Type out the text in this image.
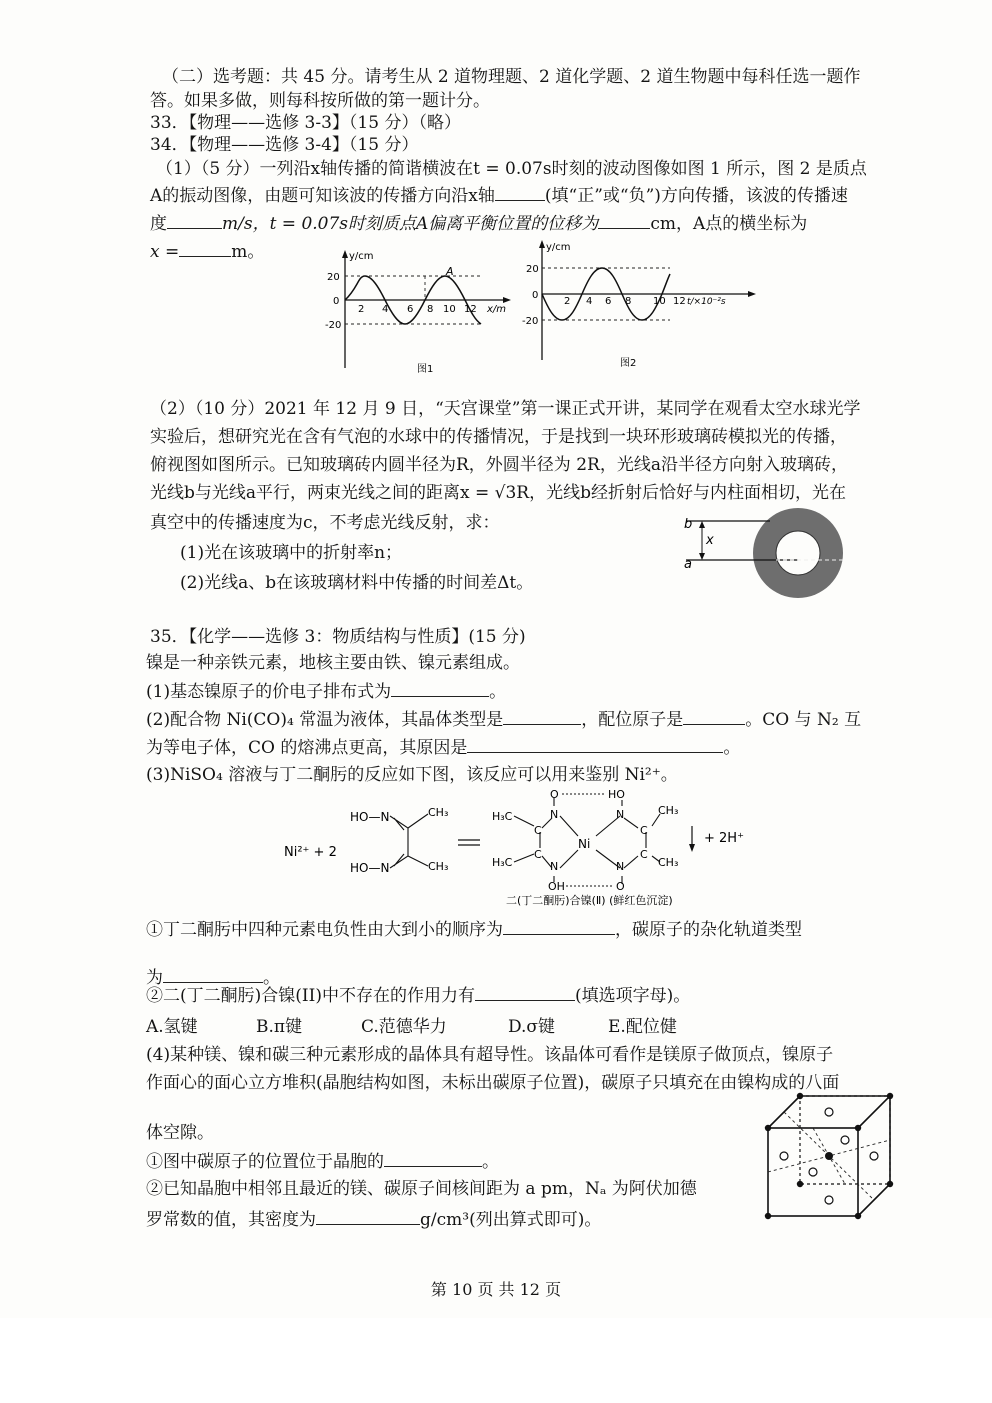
（二）选考题：共 45 分。请考生从 2 道物理题、2 道化学题、2 道生物题中每科任选一题作
答。如果多做，则每科按所做的第一题计分。
33．【物理——选修 3-3】（15 分）（略）
34．【物理——选修 3-4】（15 分）
（1）（5 分）一列沿x轴传播的简谐横波在t = 0.07s时刻的波动图像如图 1 所示，图 2 是质点
A的振动图像，由题可知该波的传播方向沿x轴	(填“正”或“负”)方向传播，该波的传播速
度	m/s，t = 0.07s时刻质点A偏离平衡位置的位移为	cm，A点的横坐标为
x =	m。	y/cm
20
0
-20
2 4 6 8 10 12 x/m
A
图1
y/cm
20
0
-20
2 4 6 8 10 12 t/×10⁻²s
图2
（2）（10 分）2021 年 12 月 9 日，“天宫课堂”第一课正式开讲，某同学在观看太空水球光学
实验后，想研究光在含有气泡的水球中的传播情况，于是找到一块环形玻璃砖模拟光的传播，
俯视图如图所示。已知玻璃砖内圆半径为R，外圆半径为 2R，光线a沿半径方向射入玻璃砖，
光线b与光线a平行，两束光线之间的距离x = √3R，光线b经折射后恰好与内柱面相切，光在
真空中的传播速度为c，不考虑光线反射，求：
(1)光在该玻璃中的折射率n；
(2)光线a、b在该玻璃材料中传播的时间差Δt。
b
x
a
35．【化学——选修 3：物质结构与性质】(15 分)
镍是一种亲铁元素，地核主要由铁、镍元素组成。
(1)基态镍原子的价电子排布式为	。
(2)配合物 Ni(CO)₄ 常温为液体，其晶体类型是	，配位原子是	。CO 与 N₂ 互
为等电子体，CO 的熔沸点更高，其原因是	。
(3)NiSO₄ 溶液与丁二酮肟的反应如下图，该反应可以用来鉴别 Ni²⁺。
Ni²⁺ + 2
HO—N
HO—N
CH₃
CH₃
H₃C
H₃C
CH₃
CH₃
C
C
C
C
N
N
N
N
Ni
O	HO
OH	O
+ 2H⁺
二(丁二酮肟)合镍(Ⅱ) (鲜红色沉淀)
①丁二酮肟中四种元素电负性由大到小的顺序为	，碳原子的杂化轨道类型
为	。
②二(丁二酮肟)合镍(II)中不存在的作用力有	(填选项字母)。
A.氢键	B.π键	C.范德华力	D.σ键	E.配位健
(4)某种镁、镍和碳三种元素形成的晶体具有超导性。该晶体可看作是镁原子做顶点，镍原子
作面心的面心立方堆积(晶胞结构如图，未标出碳原子位置)，碳原子只填充在由镍构成的八面
体空隙。
①图中碳原子的位置位于晶胞的	。
②已知晶胞中相邻且最近的镁、碳原子间核间距为 a pm，Nₐ 为阿伏加德
罗常数的值，其密度为	g/cm³(列出算式即可)。
第 10 页 共 12 页
